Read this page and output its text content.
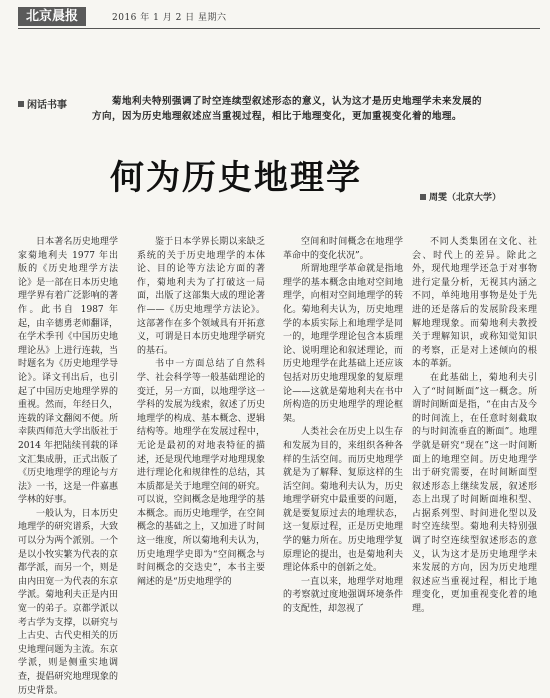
北京晨报	2016 年 1 月 2 日 星期六
闲话书事	菊地利夫特别强调了时空连续型叙述形态的意义，认为这才是历史地理学未来发展的方向，因为历史地理叙述应当重视过程，相比于地理变化，更加重视变化着的地理。
何为历史地理学	周雯（北京大学）

日本著名历史地理学家菊地利夫 1977 年出版的《历史地理学方法论》是一部在日本历史地理学界有着广泛影响的著作。此书自 1987 年起，由辛德勇老师翻译，在学术季刊《中国历史地理论丛》上进行连载，当时题名为《历史地理学导论》。译文刊出后，也引起了中国历史地理学界的重视。然而，年经日久，连载的译文翻阅不便。所幸陕西师范大学出版社于 2014 年把陆续刊载的译文汇集成册，正式出版了《历史地理学的理论与方法》一书，这是一件嘉惠学林的好事。

一般认为，日本历史地理学的研究谱系，大致可以分为两个派别。一个是以小牧实繁为代表的京都学派，而另一个，则是由内田宽一为代表的东京学派。菊地利夫正是内田宽一的弟子。京都学派以考古学为支撑，以研究与上古史、古代史相关的历史地理问题为主流。东京学派，则是侧重实地调查，提倡研究地理现象的历史背景。

鉴于日本学界长期以来缺乏系统的关于历史地理学的本体论、目的论等方法论方面的著作，菊地利夫为了打破这一局面，出版了这部集大成的理论著作——《历史地理学方法论》。这部著作在多个领域具有开拓意义，可谓是日本历史地理学研究的基石。

书中一方面总结了自然科学、社会科学等一般基础理论的变迁，另一方面，以地理学这一学科的发展为线索，叙述了历史地理学的构成、基本概念、逻辑结构等。地理学在发展过程中，无论是最初的对地表特征的描述，还是现代地理学对地理现象进行理论化和规律性的总结，其本质都是关于地理空间的研究。可以说，空间概念是地理学的基本概念。而历史地理学，在空间概念的基础之上，又加进了时间这一维度，所以菊地利夫认为，历史地理学史即为“空间概念与时间概念的交迭史”，本书主要阐述的是“历史地理学的

空间和时间概念在地理学革命中的变化状况”。

所谓地理学革命就是指地理学的基本概念由地对空间地理学，向相对空间地理学的转化。菊地利夫认为，历史地理学的本质实际上和地理学是同一的，地理学理论包含本质理论、说明理论和叙述理论，而历史地理学在此基础上还应该包括对历史地理现象的复原理论——这就是菊地利夫在书中所构造的历史地理学的理论框架。

人类社会在历史上以生存和发展为目的，来组织各种各样的生活空间。而历史地理学就是为了解释、复原这样的生活空间。菊地利夫认为，历史地理学研究中最重要的问题，就是要复原过去的地理状态，这一复原过程，正是历史地理学的魅力所在。历史地理学复原理论的提出，也是菊地利夫理论体系中的创新之处。

一直以来，地理学对地理的考察就过度地强调环境条件的支配性，却忽视了

不同人类集团在文化、社会、时代上的差异。除此之外，现代地理学还急于对事物进行定量分析，无视其内涵之不同，单纯地用事物是处于先进的还是落后的发展阶段来理解地理现象。而菊地利夫教授关于理解知识，或称知觉知识的考察，正是对上述倾向的根本的革新。

在此基础上，菊地利夫引入了“时间断面”这一概念。所谓时间断面是指，“在由古及今的时间流上，在任意时刻截取的与时间流垂直的断面”。地理学就是研究“现在”这一时间断面上的地理空间。历史地理学出于研究需要，在时间断面型叙述形态上继续发展，叙述形态上出现了时间断面堆积型、占据系列型、时间进化型以及时空连续型。菊地利夫特别强调了时空连续型叙述形态的意义，认为这才是历史地理学未来发展的方向，因为历史地理叙述应当重视过程，相比于地理变化，更加重视变化着的地理。
